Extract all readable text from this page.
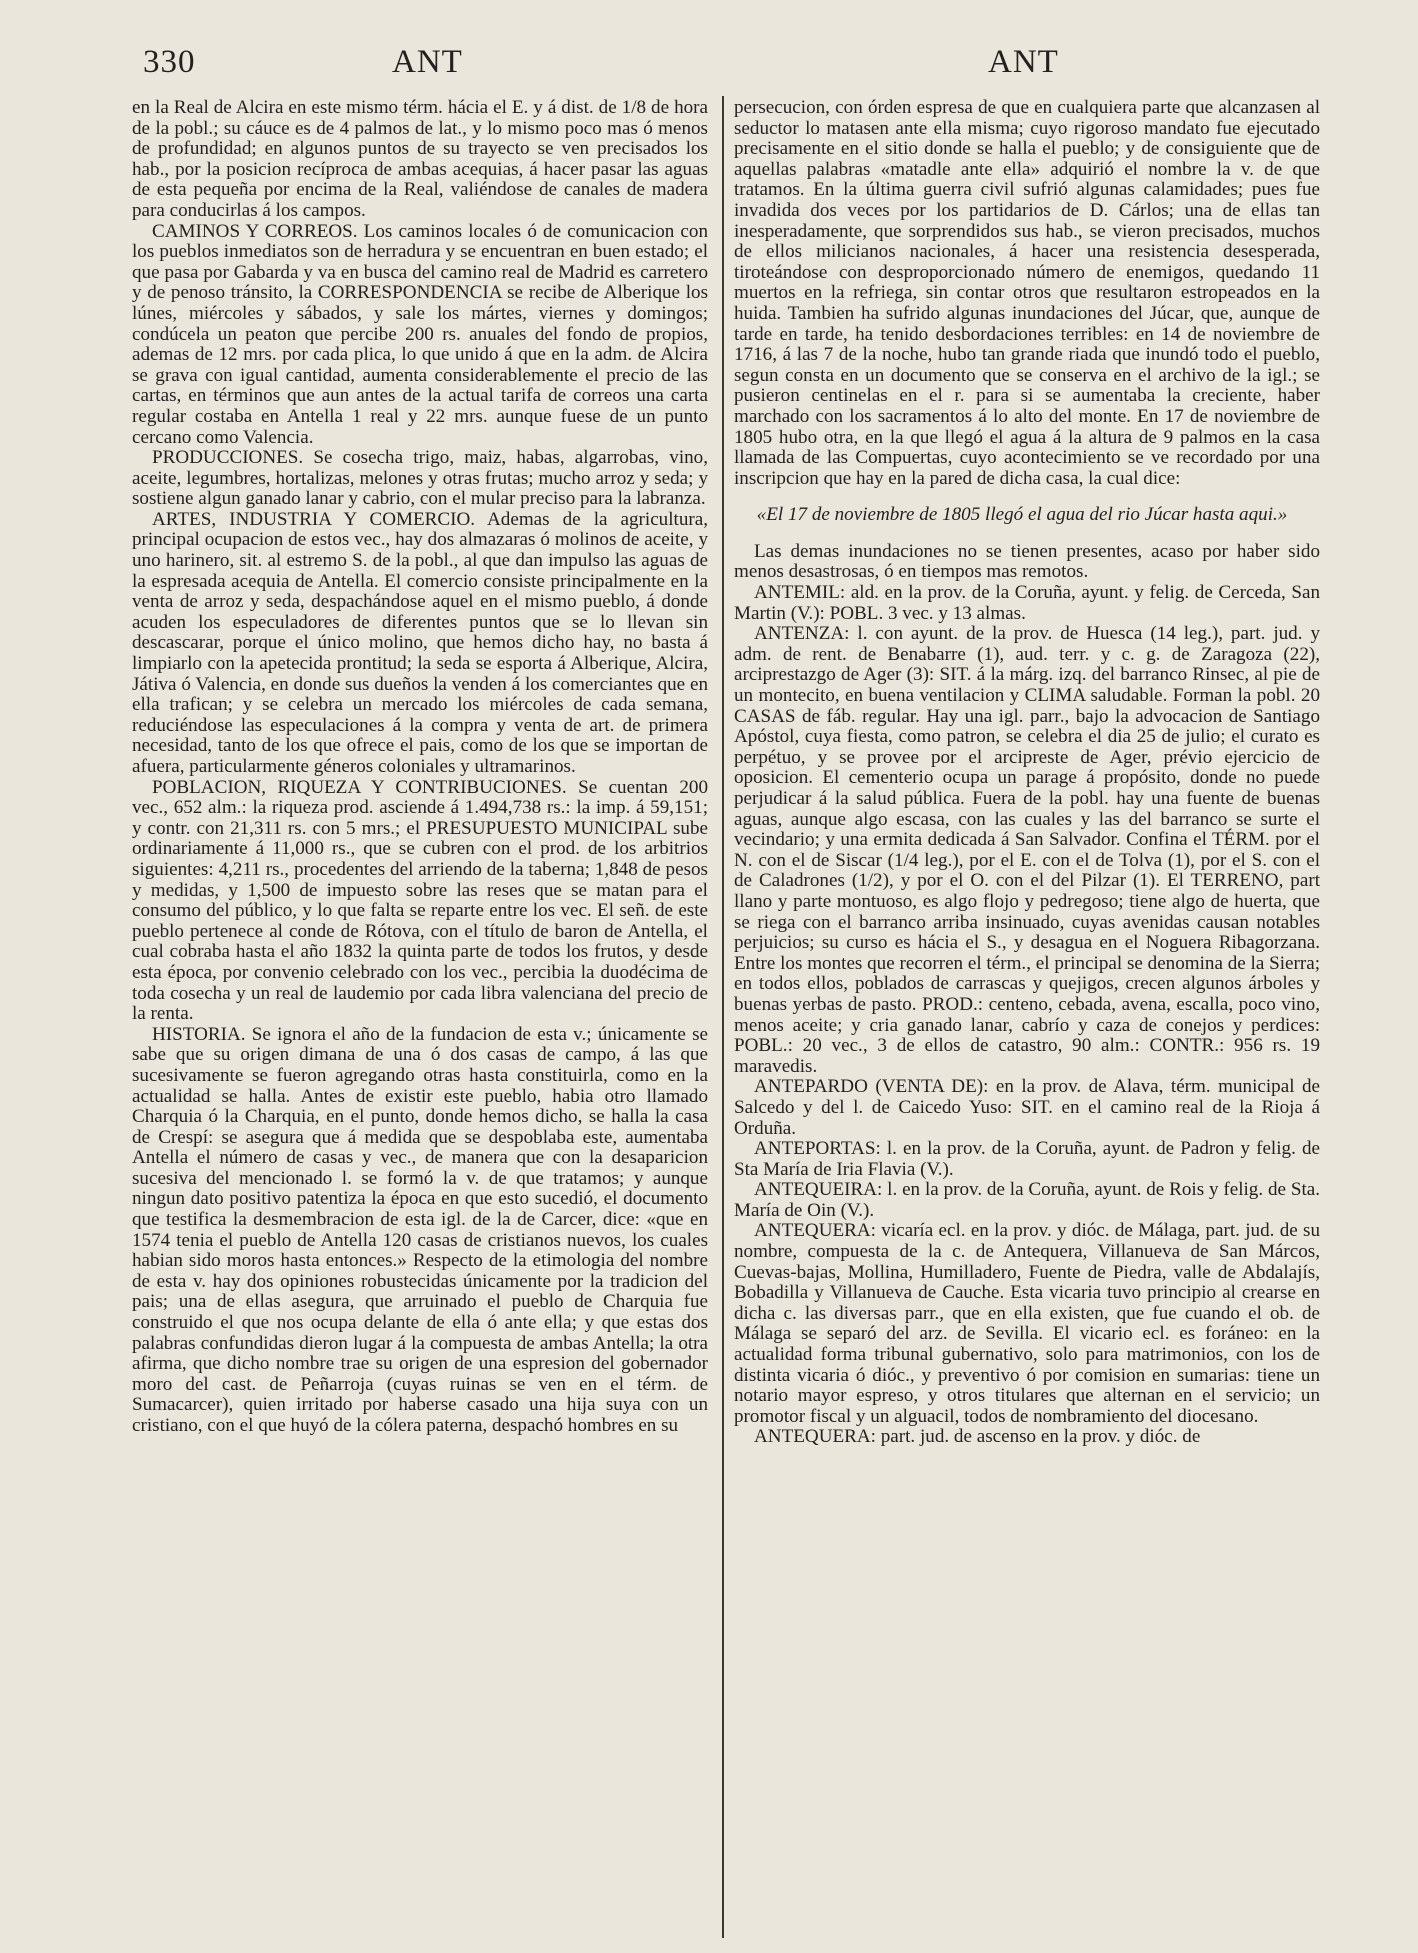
330	ANT	ANT

en la Real de Alcira en este mismo térm. hácia el E. y á dist. de 1/8 de hora de la pobl.; su cáuce es de 4 palmos de lat., y lo mismo poco mas ó menos de profundidad; en algunos puntos de su trayecto se ven precisados los hab., por la posicion recíproca de ambas acequias, á hacer pasar las aguas de esta pequeña por encima de la Real, valiéndose de canales de madera para conducirlas á los campos.

CAMINOS Y CORREOS. Los caminos locales ó de comunicacion con los pueblos inmediatos son de herradura y se encuentran en buen estado; el que pasa por Gabarda y va en busca del camino real de Madrid es carretero y de penoso tránsito, la CORRESPONDENCIA se recibe de Alberique los lúnes, miércoles y sábados, y sale los mártes, viernes y domingos; condúcela un peaton que percibe 200 rs. anuales del fondo de propios, ademas de 12 mrs. por cada plica, lo que unido á que en la adm. de Alcira se grava con igual cantidad, aumenta considerablemente el precio de las cartas, en términos que aun antes de la actual tarifa de correos una carta regular costaba en Antella 1 real y 22 mrs. aunque fuese de un punto cercano como Valencia.

PRODUCCIONES. Se cosecha trigo, maiz, habas, algarrobas, vino, aceite, legumbres, hortalizas, melones y otras frutas; mucho arroz y seda; y sostiene algun ganado lanar y cabrio, con el mular preciso para la labranza.

ARTES, INDUSTRIA Y COMERCIO. Ademas de la agricultura, principal ocupacion de estos vec., hay dos almazaras ó molinos de aceite, y uno harinero, sit. al estremo S. de la pobl., al que dan impulso las aguas de la espresada acequia de Antella. El comercio consiste principalmente en la venta de arroz y seda, despachándose aquel en el mismo pueblo, á donde acuden los especuladores de diferentes puntos que se lo llevan sin descascarar, porque el único molino, que hemos dicho hay, no basta á limpiarlo con la apetecida prontitud; la seda se esporta á Alberique, Alcira, Játiva ó Valencia, en donde sus dueños la venden á los comerciantes que en ella trafican; y se celebra un mercado los miércoles de cada semana, reduciéndose las especulaciones á la compra y venta de art. de primera necesidad, tanto de los que ofrece el pais, como de los que se importan de afuera, particularmente géneros coloniales y ultramarinos.

POBLACION, RIQUEZA Y CONTRIBUCIONES. Se cuentan 200 vec., 652 alm.: la riqueza prod. asciende á 1.494,738 rs.: la imp. á 59,151; y contr. con 21,311 rs. con 5 mrs.; el PRESUPUESTO MUNICIPAL sube ordinariamente á 11,000 rs., que se cubren con el prod. de los arbitrios siguientes: 4,211 rs., procedentes del arriendo de la taberna; 1,848 de pesos y medidas, y 1,500 de impuesto sobre las reses que se matan para el consumo del público, y lo que falta se reparte entre los vec. El señ. de este pueblo pertenece al conde de Rótova, con el título de baron de Antella, el cual cobraba hasta el año 1832 la quinta parte de todos los frutos, y desde esta época, por convenio celebrado con los vec., percibia la duodécima de toda cosecha y un real de laudemio por cada libra valenciana del precio de la renta.

HISTORIA. Se ignora el año de la fundacion de esta v.; únicamente se sabe que su origen dimana de una ó dos casas de campo, á las que sucesivamente se fueron agregando otras hasta constituirla, como en la actualidad se halla. Antes de existir este pueblo, habia otro llamado Charquia ó la Charquia, en el punto, donde hemos dicho, se halla la casa de Crespí: se asegura que á medida que se despoblaba este, aumentaba Antella el número de casas y vec., de manera que con la desaparicion sucesiva del mencionado l. se formó la v. de que tratamos; y aunque ningun dato positivo patentiza la época en que esto sucedió, el documento que testifica la desmembracion de esta igl. de la de Carcer, dice: «que en 1574 tenia el pueblo de Antella 120 casas de cristianos nuevos, los cuales habian sido moros hasta entonces.» Respecto de la etimologia del nombre de esta v. hay dos opiniones robustecidas únicamente por la tradicion del pais; una de ellas asegura, que arruinado el pueblo de Charquia fue construido el que nos ocupa delante de ella ó ante ella; y que estas dos palabras confundidas dieron lugar á la compuesta de ambas Antella; la otra afirma, que dicho nombre trae su origen de una espresion del gobernador moro del cast. de Peñarroja (cuyas ruinas se ven en el térm. de Sumacarcer), quien irritado por haberse casado una hija suya con un cristiano, con el que huyó de la cólera paterna, despachó hombres en su

persecucion, con órden espresa de que en cualquiera parte que alcanzasen al seductor lo matasen ante ella misma; cuyo rigoroso mandato fue ejecutado precisamente en el sitio donde se halla el pueblo; y de consiguiente que de aquellas palabras «matadle ante ella» adquirió el nombre la v. de que tratamos. En la última guerra civil sufrió algunas calamidades; pues fue invadida dos veces por los partidarios de D. Cárlos; una de ellas tan inesperadamente, que sorprendidos sus hab., se vieron precisados, muchos de ellos milicianos nacionales, á hacer una resistencia desesperada, tiroteándose con desproporcionado número de enemigos, quedando 11 muertos en la refriega, sin contar otros que resultaron estropeados en la huida. Tambien ha sufrido algunas inundaciones del Júcar, que, aunque de tarde en tarde, ha tenido desbordaciones terribles: en 14 de noviembre de 1716, á las 7 de la noche, hubo tan grande riada que inundó todo el pueblo, segun consta en un documento que se conserva en el archivo de la igl.; se pusieron centinelas en el r. para si se aumentaba la creciente, haber marchado con los sacramentos á lo alto del monte. En 17 de noviembre de 1805 hubo otra, en la que llegó el agua á la altura de 9 palmos en la casa llamada de las Compuertas, cuyo acontecimiento se ve recordado por una inscripcion que hay en la pared de dicha casa, la cual dice:

«El 17 de noviembre de 1805 llegó el agua del rio Júcar hasta aqui.»

Las demas inundaciones no se tienen presentes, acaso por haber sido menos desastrosas, ó en tiempos mas remotos.

ANTEMIL: ald. en la prov. de la Coruña, ayunt. y felig. de Cerceda, San Martin (V.): POBL. 3 vec. y 13 almas.

ANTENZA: l. con ayunt. de la prov. de Huesca (14 leg.), part. jud. y adm. de rent. de Benabarre (1), aud. terr. y c. g. de Zaragoza (22), arciprestazgo de Ager (3): SIT. á la márg. izq. del barranco Rinsec, al pie de un montecito, en buena ventilacion y CLIMA saludable. Forman la pobl. 20 CASAS de fáb. regular. Hay una igl. parr., bajo la advocacion de Santiago Apóstol, cuya fiesta, como patron, se celebra el dia 25 de julio; el curato es perpétuo, y se provee por el arcipreste de Ager, prévio ejercicio de oposicion. El cementerio ocupa un parage á propósito, donde no puede perjudicar á la salud pública. Fuera de la pobl. hay una fuente de buenas aguas, aunque algo escasa, con las cuales y las del barranco se surte el vecindario; y una ermita dedicada á San Salvador. Confina el TÉRM. por el N. con el de Siscar (1/4 leg.), por el E. con el de Tolva (1), por el S. con el de Caladrones (1/2), y por el O. con el del Pilzar (1). El TERRENO, part llano y parte montuoso, es algo flojo y pedregoso; tiene algo de huerta, que se riega con el barranco arriba insinuado, cuyas avenidas causan notables perjuicios; su curso es hácia el S., y desagua en el Noguera Ribagorzana. Entre los montes que recorren el térm., el principal se denomina de la Sierra; en todos ellos, poblados de carrascas y quejigos, crecen algunos árboles y buenas yerbas de pasto. PROD.: centeno, cebada, avena, escalla, poco vino, menos aceite; y cria ganado lanar, cabrío y caza de conejos y perdices: POBL.: 20 vec., 3 de ellos de catastro, 90 alm.: CONTR.: 956 rs. 19 maravedis.

ANTEPARDO (VENTA DE): en la prov. de Alava, térm. municipal de Salcedo y del l. de Caicedo Yuso: SIT. en el camino real de la Rioja á Orduña.

ANTEPORTAS: l. en la prov. de la Coruña, ayunt. de Padron y felig. de Sta María de Iria Flavia (V.).

ANTEQUEIRA: l. en la prov. de la Coruña, ayunt. de Rois y felig. de Sta. María de Oin (V.).

ANTEQUERA: vicaría ecl. en la prov. y dióc. de Málaga, part. jud. de su nombre, compuesta de la c. de Antequera, Villanueva de San Márcos, Cuevas-bajas, Mollina, Humilladero, Fuente de Piedra, valle de Abdalajís, Bobadilla y Villanueva de Cauche. Esta vicaria tuvo principio al crearse en dicha c. las diversas parr., que en ella existen, que fue cuando el ob. de Málaga se separó del arz. de Sevilla. El vicario ecl. es foráneo: en la actualidad forma tribunal gubernativo, solo para matrimonios, con los de distinta vicaria ó dióc., y preventivo ó por comision en sumarias: tiene un notario mayor espreso, y otros titulares que alternan en el servicio; un promotor fiscal y un alguacil, todos de nombramiento del diocesano.

ANTEQUERA: part. jud. de ascenso en la prov. y dióc. de
